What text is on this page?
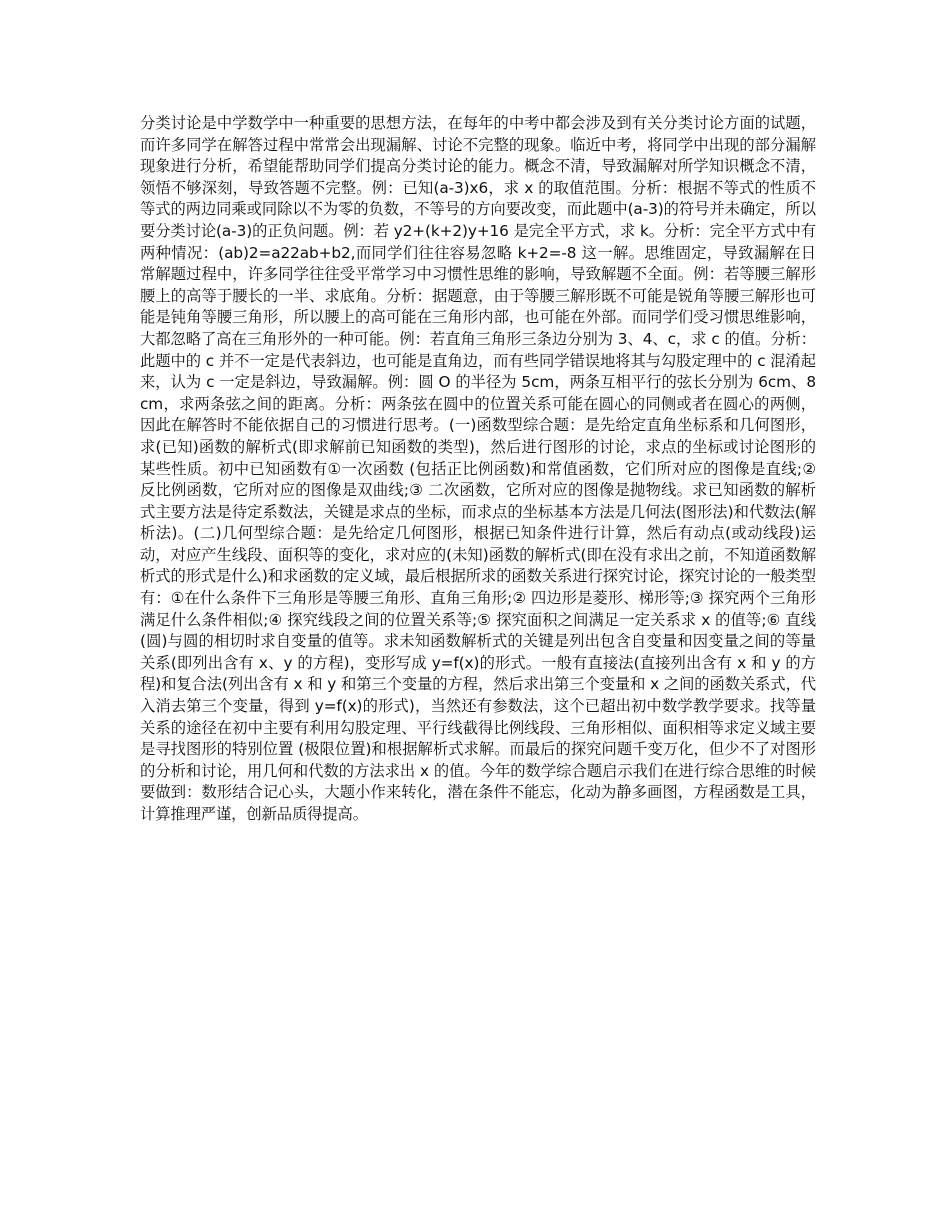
分类讨论是中学数学中一种重要的思想方法，在每年的中考中都会涉及到有关分类讨论方面的试题，而许多同学在解答过程中常常会出现漏解、讨论不完整的现象。临近中考，将同学中出现的部分漏解现象进行分析，希望能帮助同学们提高分类讨论的能力。概念不清，导致漏解对所学知识概念不清，领悟不够深刻，导致答题不完整。例：已知(a-3)x6，求 x 的取值范围。分析：根据不等式的性质不等式的两边同乘或同除以不为零的负数，不等号的方向要改变，而此题中(a-3)的符号并未确定，所以要分类讨论(a-3)的正负问题。例：若 y2+(k+2)y+16 是完全平方式，求 k。分析：完全平方式中有两种情况：(ab)2=a22ab+b2,而同学们往往容易忽略 k+2=-8 这一解。思维固定，导致漏解在日常解题过程中，许多同学往往受平常学习中习惯性思维的影响，导致解题不全面。例：若等腰三解形腰上的高等于腰长的一半、求底角。分析：据题意，由于等腰三解形既不可能是锐角等腰三解形也可能是钝角等腰三角形，所以腰上的高可能在三角形内部，也可能在外部。而同学们受习惯思维影响，大都忽略了高在三角形外的一种可能。例：若直角三角形三条边分别为 3、4、c，求 c 的值。分析：此题中的 c 并不一定是代表斜边，也可能是直角边，而有些同学错误地将其与勾股定理中的 c 混淆起来，认为 c 一定是斜边，导致漏解。例：圆 O 的半径为 5cm，两条互相平行的弦长分别为 6cm、8cm，求两条弦之间的距离。分析：两条弦在圆中的位置关系可能在圆心的同侧或者在圆心的两侧，因此在解答时不能依据自己的习惯进行思考。(一)函数型综合题：是先给定直角坐标系和几何图形，求(已知)函数的解析式(即求解前已知函数的类型)，然后进行图形的讨论，求点的坐标或讨论图形的某些性质。初中已知函数有①一次函数 (包括正比例函数)和常值函数，它们所对应的图像是直线;② 反比例函数，它所对应的图像是双曲线;③ 二次函数，它所对应的图像是抛物线。求已知函数的解析式主要方法是待定系数法，关键是求点的坐标，而求点的坐标基本方法是几何法(图形法)和代数法(解析法)。(二)几何型综合题：是先给定几何图形，根据已知条件进行计算，然后有动点(或动线段)运动，对应产生线段、面积等的变化，求对应的(未知)函数的解析式(即在没有求出之前，不知道函数解析式的形式是什么)和求函数的定义域，最后根据所求的函数关系进行探究讨论，探究讨论的一般类型有：①在什么条件下三角形是等腰三角形、直角三角形;② 四边形是菱形、梯形等;③ 探究两个三角形满足什么条件相似;④ 探究线段之间的位置关系等;⑤ 探究面积之间满足一定关系求 x 的值等;⑥ 直线(圆)与圆的相切时求自变量的值等。求未知函数解析式的关键是列出包含自变量和因变量之间的等量关系(即列出含有 x、y 的方程)，变形写成 y=f(x)的形式。一般有直接法(直接列出含有 x 和 y 的方程)和复合法(列出含有 x 和 y 和第三个变量的方程，然后求出第三个变量和 x 之间的函数关系式，代入消去第三个变量，得到 y=f(x)的形式)，当然还有参数法，这个已超出初中数学教学要求。找等量关系的途径在初中主要有利用勾股定理、平行线截得比例线段、三角形相似、面积相等求定义域主要是寻找图形的特别位置 (极限位置)和根据解析式求解。而最后的探究问题千变万化，但少不了对图形的分析和讨论，用几何和代数的方法求出 x 的值。今年的数学综合题启示我们在进行综合思维的时候要做到：数形结合记心头，大题小作来转化，潜在条件不能忘，化动为静多画图，方程函数是工具，计算推理严谨，创新品质得提高。
